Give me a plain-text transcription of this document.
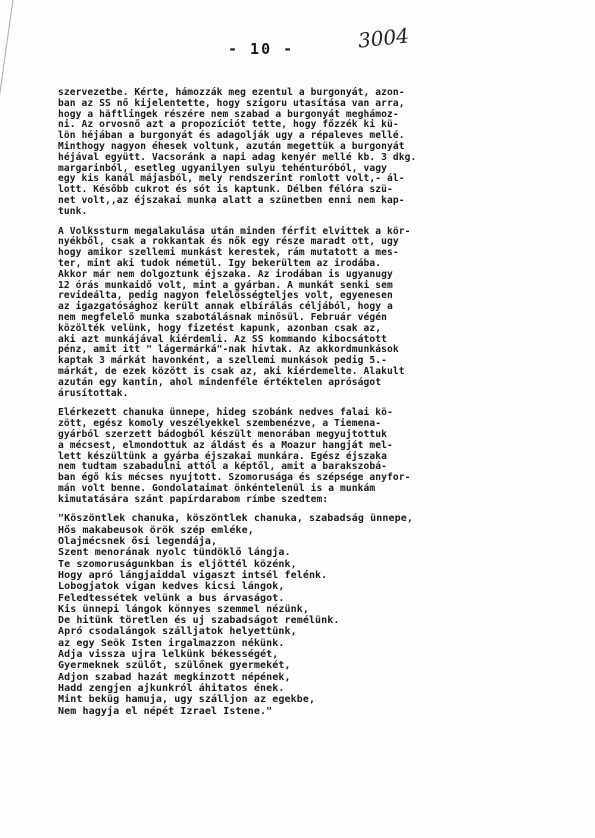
- 10 -	3004
szervezetbe. Kérte, hámozzák meg ezentul a burgonyát, azon-
ban az SS nő kijelentette, hogy szigoru utasítása van arra,
hogy a häftlingek részére nem szabad a burgonyát meghámoz-
ni. Az orvosnő azt a propozíciót tette, hogy főzzék ki kü-
lön héjában a burgonyát és adagolják ugy a répaleves mellé.
Minthogy nagyon éhesek voltunk, azután megettük a burgonyát
héjával együtt. Vacsoránk a napi adag kenyér mellé kb. 3 dkg.
margarinból, esetleg ugyanilyen sulyu tehénturóból, vagy
egy kis kanál májasból, mely rendszerint romlott volt,- ál-
lott. Később cukrot és sót is kaptunk. Délben félóra szü-
net volt,,az éjszakai munka alatt a szünetben enni nem kap-
tunk.
A Volkssturm megalakulása után minden férfit elvittek a kör-
nyékből, csak a rokkantak és nők egy része maradt ott, ugy
hogy amikor szellemi munkást kerestek, rám mutatott a mes-
ter, mint aki tudok németül. Igy bekerültem az irodába.
Akkor már nem dolgoztunk éjszaka. Az irodában is ugyanugy
12 órás munkaidő volt, mint a gyárban. A munkát senki sem
revideálta, pedig nagyon felelősségteljes volt, egyenesen
az igazgatósághoz került annak elbírálás céljából, hogy a
nem megfelelő munka szabotálásnak minősül. Február végén
közölték velünk, hogy fizetést kapunk, azonban csak az,
aki azt munkájával kiérdemli. Az SS kommando kibocsátott
pénz, amit itt " lágermárká"-nak hivtak. Az akkordmunkások
kaptak 3 márkát havonként, a szellemi munkások pedig 5.-
márkát, de ezek között is csak az, aki kiérdemelte. Alakult
azután egy kantin, ahol mindenféle értéktelen apróságot
árusítottak.
Elérkezett chanuka ünnepe, hideg szobánk nedves falai kö-
zött, egész komoly veszélyekkel szembenézve, a Tiemena-
gyárból szerzett bádogból készült menorában megyujtottuk
a mécsest, elmondottuk az áldást és a Moazur hangját mel-
lett készültünk a gyárba éjszakai munkára. Egész éjszaka
nem tudtam szabadulni attól a képtől, amit a barakszobá-
ban égő kis mécses nyujtott. Szomorusága és szépsége anyfor-
mán volt benne. Gondolataimat önkéntelenül is a munkám
kimutatására szánt papírdarabom rímbe szedtem:
"Köszöntlek chanuka, köszöntlek chanuka, szabadság ünnepe,
Hős makabeusok örök szép emléke,
Olajmécsnek ősi legendája,
Szent menorának nyolc tündöklő lángja.
Te szomoruságunkban is eljöttél közénk,
Hogy apró lángjaiddal vigaszt intsél felénk.
Lobogjatok vigan kedves kicsi lángok,
Feledtessétek velünk a bus árvaságot.
Kis ünnepi lángok könnyes szemmel nézünk,
De hitünk töretlen és uj szabadságot remélünk.
Apró csodalángok szálljatok helyettünk,
az egy Seök Isten irgalmazzon nékünk.
Adja vissza ujra lelkünk békességét,
Gyermeknek szülőt, szülőnek gyermekét,
Adjon szabad hazát megkinzott népének,
Hadd zengjen ajkunkról áhitatos ének.
Mint beküg hamuja, ugy szálljon az egekbe,
Nem hagyja el népét Izrael Istene."
